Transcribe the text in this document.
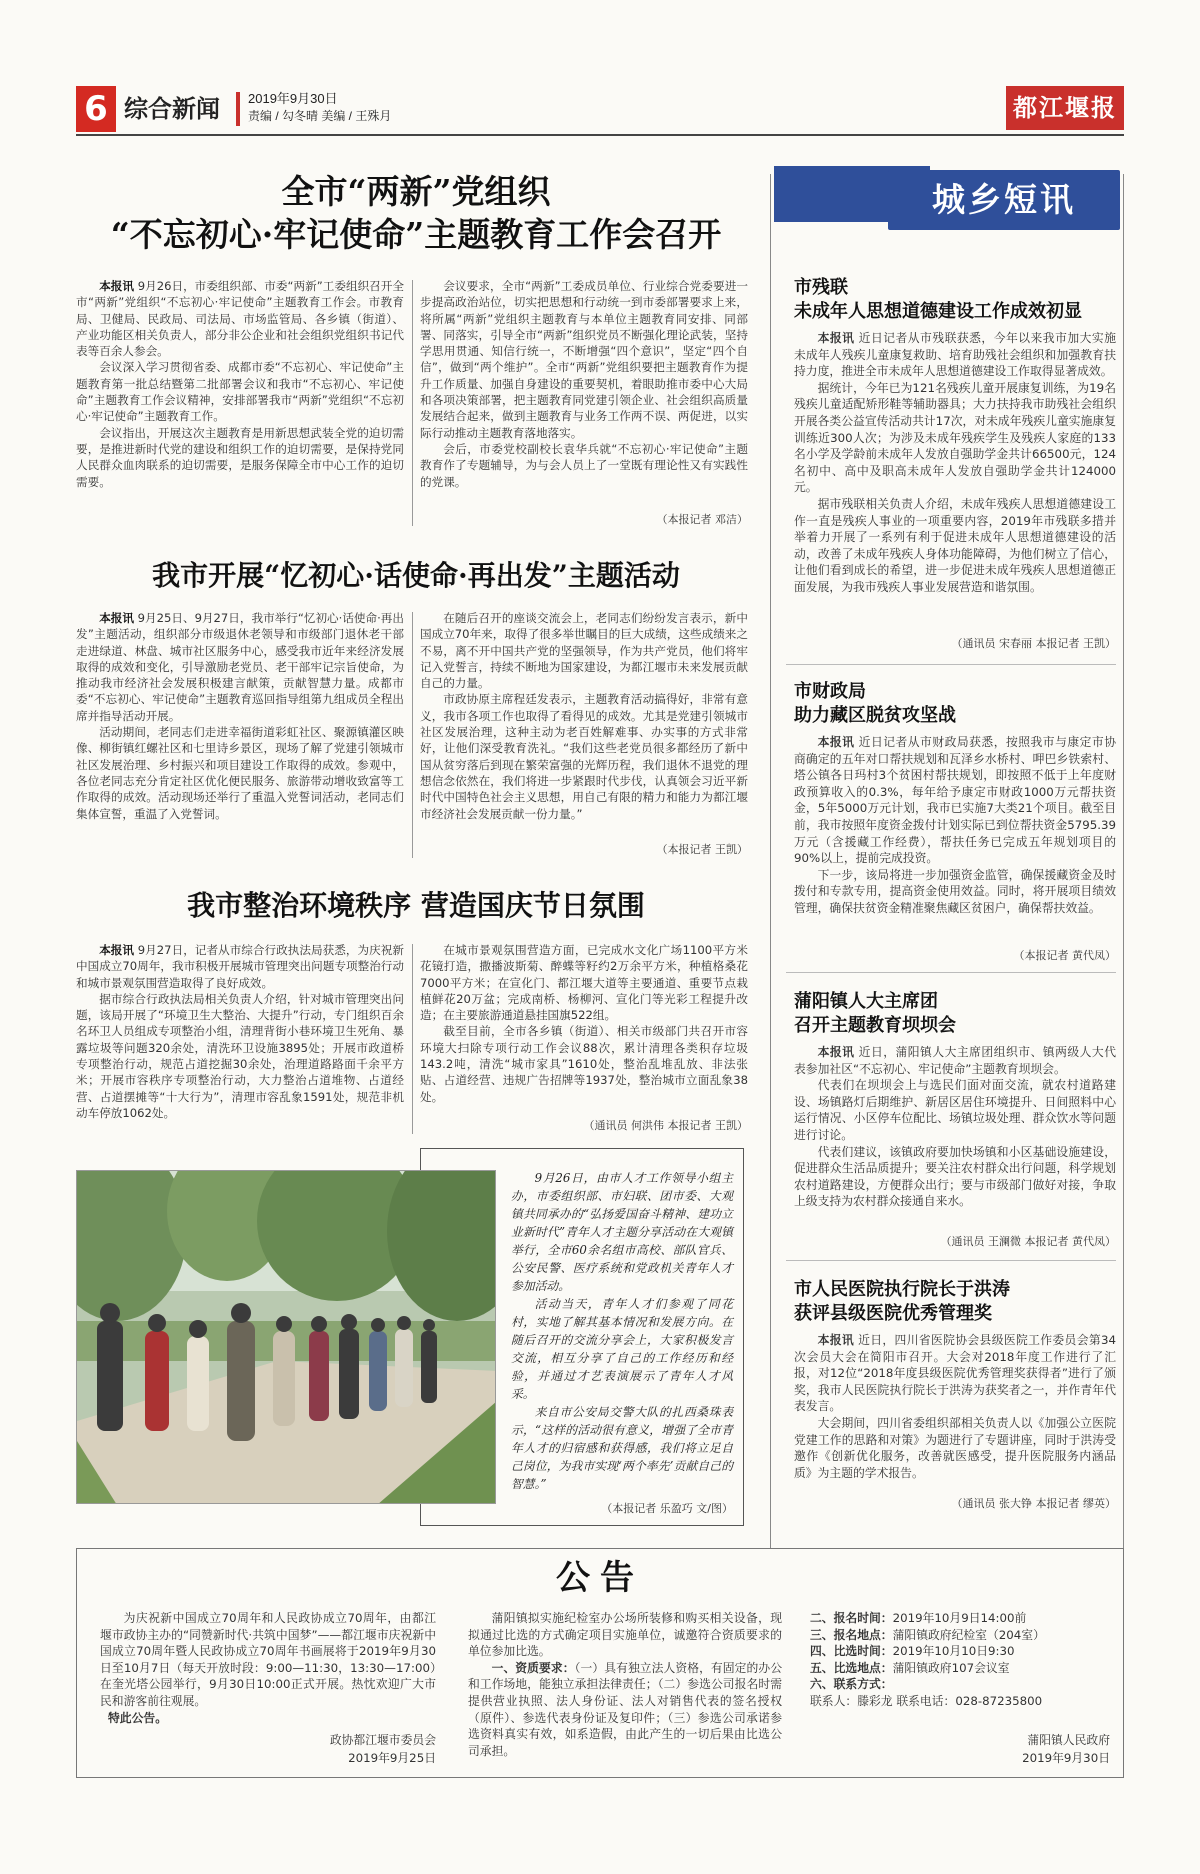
6 综合新闻 2019年9月30日
责编 / 勾冬晴 美编 / 王殊月	都江堰报
全市“两新”党组织
“不忘初心·牢记使命”主题教育工作会召开

本报讯 9月26日，市委组织部、市委“两新”工委组织召开全市“两新”党组织“不忘初心·牢记使命”主题教育工作会。市教育局、卫健局、民政局、司法局、市场监管局、各乡镇（街道）、产业功能区相关负责人，部分非公企业和社会组织党组织书记代表等百余人参会。

会议深入学习贯彻省委、成都市委“不忘初心、牢记使命”主题教育第一批总结暨第二批部署会议和我市“不忘初心、牢记使命”主题教育工作会议精神，安排部署我市“两新”党组织“不忘初心·牢记使命”主题教育工作。

会议指出，开展这次主题教育是用新思想武装全党的迫切需要，是推进新时代党的建设和组织工作的迫切需要，是保持党同人民群众血肉联系的迫切需要，是服务保障全市中心工作的迫切需要。

会议要求，全市“两新”工委成员单位、行业综合党委要进一步提高政治站位，切实把思想和行动统一到市委部署要求上来，将所属“两新”党组织主题教育与本单位主题教育同安排、同部署、同落实，引导全市“两新”组织党员不断强化理论武装，坚持学思用贯通、知信行统一，不断增强“四个意识”，坚定“四个自信”，做到“两个维护”。全市“两新”党组织要把主题教育作为提升工作质量、加强自身建设的重要契机，着眼助推市委中心大局和各项决策部署，把主题教育同党建引领企业、社会组织高质量发展结合起来，做到主题教育与业务工作两不误、两促进，以实际行动推动主题教育落地落实。

会后，市委党校副校长袁华兵就“不忘初心·牢记使命”主题教育作了专题辅导，为与会人员上了一堂既有理论性又有实践性的党课。

（本报记者 邓洁）
我市开展“忆初心·话使命·再出发”主题活动

本报讯 9月25日、9月27日，我市举行“忆初心·话使命·再出发”主题活动，组织部分市级退休老领导和市级部门退休老干部走进绿道、林盘、城市社区服务中心，感受我市近年来经济发展取得的成效和变化，引导激励老党员、老干部牢记宗旨使命，为推动我市经济社会发展积极建言献策，贡献智慧力量。成都市委“不忘初心、牢记使命”主题教育巡回指导组第九组成员全程出席并指导活动开展。

活动期间，老同志们走进幸福街道彩虹社区、聚源镇灌区映像、柳街镇红螺社区和七里诗乡景区，现场了解了党建引领城市社区发展治理、乡村振兴和项目建设工作取得的成效。参观中，各位老同志充分肯定社区优化便民服务、旅游带动增收致富等工作取得的成效。活动现场还举行了重温入党誓词活动，老同志们集体宣誓，重温了入党誓词。

在随后召开的座谈交流会上，老同志们纷纷发言表示，新中国成立70年来，取得了很多举世瞩目的巨大成绩，这些成绩来之不易，离不开中国共产党的坚强领导，作为共产党员，他们将牢记入党誓言，持续不断地为国家建设，为都江堰市未来发展贡献自己的力量。

市政协原主席程廷发表示，主题教育活动搞得好，非常有意义，我市各项工作也取得了看得见的成效。尤其是党建引领城市社区发展治理，这种主动为老百姓解难事、办实事的方式非常好，让他们深受教育洗礼。“我们这些老党员很多都经历了新中国从贫穷落后到现在繁荣富强的光辉历程，我们退休不退党的理想信念依然在，我们将进一步紧跟时代步伐，认真领会习近平新时代中国特色社会主义思想，用自己有限的精力和能力为都江堰市经济社会发展贡献一份力量。”

（本报记者 王凯）
我市整治环境秩序 营造国庆节日氛围

本报讯 9月27日，记者从市综合行政执法局获悉，为庆祝新中国成立70周年，我市积极开展城市管理突出问题专项整治行动和城市景观氛围营造取得了良好成效。

据市综合行政执法局相关负责人介绍，针对城市管理突出问题，该局开展了“环境卫生大整治、大提升”行动，专门组织百余名环卫人员组成专项整治小组，清理背街小巷环境卫生死角、暴露垃圾等问题320余处，清洗环卫设施3895处；开展市政道桥专项整治行动，规范占道挖掘30余处，治理道路路面千余平方米；开展市容秩序专项整治行动，大力整治占道堆物、占道经营、占道摆摊等“十大行为”，清理市容乱象1591处，规范非机动车停放1062处。

在城市景观氛围营造方面，已完成水文化广场1100平方米花镜打造，撒播波斯菊、醉蝶等籽约2万余平方米，种植格桑花7000平方米；在宣化门、都江堰大道等主要通道、重要节点栽植鲜花20万盆；完成南桥、杨柳河、宣化门等光彩工程提升改造；在主要旅游通道悬挂国旗522组。

截至目前，全市各乡镇（街道）、相关市级部门共召开市容环境大扫除专项行动工作会议88次，累计清理各类积存垃圾143.2吨，清洗“城市家具”1610处，整治乱堆乱放、非法张贴、占道经营、违规广告招牌等1937处，整治城市立面乱象38处。

（通讯员 何洪伟 本报记者 王凯）

9月26日，由市人才工作领导小组主办，市委组织部、市妇联、团市委、大观镇共同承办的“弘扬爱国奋斗精神、建功立业新时代”青年人才主题分享活动在大观镇举行，全市60余名组市高校、部队官兵、公安民警、医疗系统和党政机关青年人才参加活动。

活动当天，青年人才们参观了同花村，实地了解其基本情况和发展方向。在随后召开的交流分享会上，大家积极发言交流，相互分享了自己的工作经历和经验，并通过才艺表演展示了青年人才风采。

来自市公安局交警大队的扎西桑珠表示，“这样的活动很有意义，增强了全市青年人才的归宿感和获得感，我们将立足自己岗位，为我市实现‘两个率先’贡献自己的智慧。”

（本报记者 乐盈巧 文/图）
城乡短讯
市残联
未成年人思想道德建设工作成效初显

本报讯 近日记者从市残联获悉，今年以来我市加大实施未成年人残疾儿童康复救助、培育助残社会组织和加强教育扶持力度，推进全市未成年人思想道德建设工作取得显著成效。

据统计，今年已为121名残疾儿童开展康复训练，为19名残疾儿童适配矫形鞋等辅助器具；大力扶持我市助残社会组织开展各类公益宣传活动共计17次，对未成年残疾儿童实施康复训练近300人次；为涉及未成年残疾学生及残疾人家庭的133名小学及学龄前未成年人发放自强助学金共计66500元，124名初中、高中及职高未成年人发放自强助学金共计124000元。

据市残联相关负责人介绍，未成年残疾人思想道德建设工作一直是残疾人事业的一项重要内容，2019年市残联多措并举着力开展了一系列有利于促进未成年人思想道德建设的活动，改善了未成年残疾人身体功能障碍，为他们树立了信心，让他们看到成长的希望，进一步促进未成年残疾人思想道德正面发展，为我市残疾人事业发展营造和谐氛围。

（通讯员 宋春丽 本报记者 王凯）
市财政局
助力藏区脱贫攻坚战

本报讯 近日记者从市财政局获悉，按照我市与康定市协商确定的五年对口帮扶规划和瓦泽乡水桥村、呷巴乡铁索村、塔公镇各日玛村3个贫困村帮扶规划，即按照不低于上年度财政预算收入的0.3%，每年给予康定市财政1000万元帮扶资金，5年5000万元计划，我市已实施7大类21个项目。截至目前，我市按照年度资金拨付计划实际已到位帮扶资金5795.39万元（含援藏工作经费），帮扶任务已完成五年规划项目的90%以上，提前完成投资。

下一步，该局将进一步加强资金监管，确保援藏资金及时拨付和专款专用，提高资金使用效益。同时，将开展项目绩效管理，确保扶贫资金精准聚焦藏区贫困户，确保帮扶效益。

（本报记者 黄代凤）
蒲阳镇人大主席团
召开主题教育坝坝会

本报讯 近日，蒲阳镇人大主席团组织市、镇两级人大代表参加社区“不忘初心、牢记使命”主题教育坝坝会。

代表们在坝坝会上与选民们面对面交流，就农村道路建设、场镇路灯后期维护、新居区居住环境提升、日间照料中心运行情况、小区停车位配比、场镇垃圾处理、群众饮水等问题进行讨论。

代表们建议，该镇政府要加快场镇和小区基础设施建设，促进群众生活品质提升；要关注农村群众出行问题，科学规划农村道路建设，方便群众出行；要与市级部门做好对接，争取上级支持为农村群众接通自来水。

（通讯员 王澜微 本报记者 黄代凤）
市人民医院执行院长于洪涛
获评县级医院优秀管理奖

本报讯 近日，四川省医院协会县级医院工作委员会第34次会员大会在简阳市召开。大会对2018年度工作进行了汇报，对12位“2018年度县级医院优秀管理奖获得者”进行了颁奖，我市人民医院执行院长于洪涛为获奖者之一，并作青年代表发言。

大会期间，四川省委组织部相关负责人以《加强公立医院党建工作的思路和对策》为题进行了专题讲座，同时于洪涛受邀作《创新优化服务，改善就医感受，提升医院服务内涵品质》为主题的学术报告。

（通讯员 张大铮 本报记者 缪英）
公告

为庆祝新中国成立70周年和人民政协成立70周年，由都江堰市政协主办的“同赞新时代·共筑中国梦”——都江堰市庆祝新中国成立70周年暨人民政协成立70周年书画展将于2019年9月30日至10月7日（每天开放时段：9:00—11:30，13:30—17:00）在奎光塔公园举行，9月30日10:00正式开展。热忱欢迎广大市民和游客前往观展。

特此公告。

政协都江堰市委员会
2019年9月25日

蒲阳镇拟实施纪检室办公场所装修和购买相关设备，现拟通过比选的方式确定项目实施单位，诚邀符合资质要求的单位参加比选。

一、资质要求：（一）具有独立法人资格，有固定的办公和工作场地，能独立承担法律责任；（二）参选公司报名时需提供营业执照、法人身份证、法人对销售代表的签名授权（原件）、参选代表身份证及复印件；（三）参选公司承诺参选资料真实有效，如系造假，由此产生的一切后果由比选公司承担。

二、报名时间：2019年10月9日14:00前
三、报名地点：蒲阳镇政府纪检室（204室）
四、比选时间：2019年10月10日9:30
五、比选地点：蒲阳镇政府107会议室
六、联系方式：
联系人：滕彩龙 联系电话：028-87235800
蒲阳镇人民政府
2019年9月30日
